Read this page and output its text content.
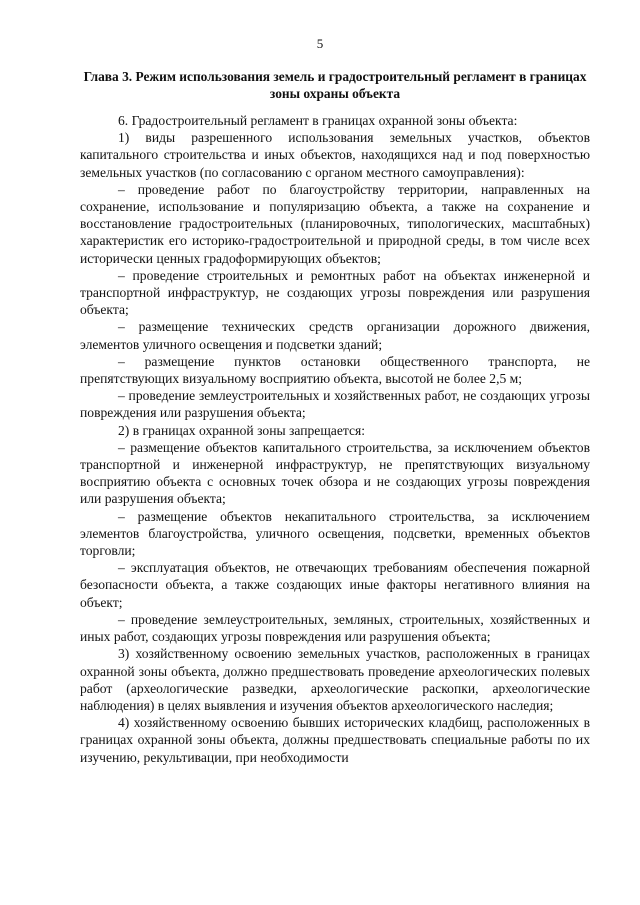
5
Глава 3. Режим использования земель и градостроительный регламент в границах зоны охраны объекта

6. Градостроительный регламент в границах охранной зоны объекта:

1) виды разрешенного использования земельных участков, объектов капитального строительства и иных объектов, находящихся над и под поверхностью земельных участков (по согласованию с органом местного самоуправления):

– проведение работ по благоустройству территории, направленных на сохранение, использование и популяризацию объекта, а также на сохранение и восстановление градостроительных (планировочных, типологических, масштабных) характеристик его историко-градостроительной и природной среды, в том числе всех исторически ценных градоформирующих объектов;

– проведение строительных и ремонтных работ на объектах инженерной и транспортной инфраструктур, не создающих угрозы повреждения или разрушения объекта;

– размещение технических средств организации дорожного движения, элементов уличного освещения и подсветки зданий;

– размещение пунктов остановки общественного транспорта, не препятствующих визуальному восприятию объекта, высотой не более 2,5 м;

– проведение землеустроительных и хозяйственных работ, не создающих угрозы повреждения или разрушения объекта;

2) в границах охранной зоны запрещается:

– размещение объектов капитального строительства, за исключением объектов транспортной и инженерной инфраструктур, не препятствующих визуальному восприятию объекта с основных точек обзора и не создающих угрозы повреждения или разрушения объекта;

– размещение объектов некапитального строительства, за исключением элементов благоустройства, уличного освещения, подсветки, временных объектов торговли;

– эксплуатация объектов, не отвечающих требованиям обеспечения пожарной безопасности объекта, а также создающих иные факторы негативного влияния на объект;

– проведение землеустроительных, земляных, строительных, хозяйственных и иных работ, создающих угрозы повреждения или разрушения объекта;

3) хозяйственному освоению земельных участков, расположенных в границах охранной зоны объекта, должно предшествовать проведение археологических полевых работ (археологические разведки, археологические раскопки, археологические наблюдения) в целях выявления и изучения объектов археологического наследия;

4) хозяйственному освоению бывших исторических кладбищ, расположенных в границах охранной зоны объекта, должны предшествовать специальные работы по их изучению, рекультивации, при необходимости
